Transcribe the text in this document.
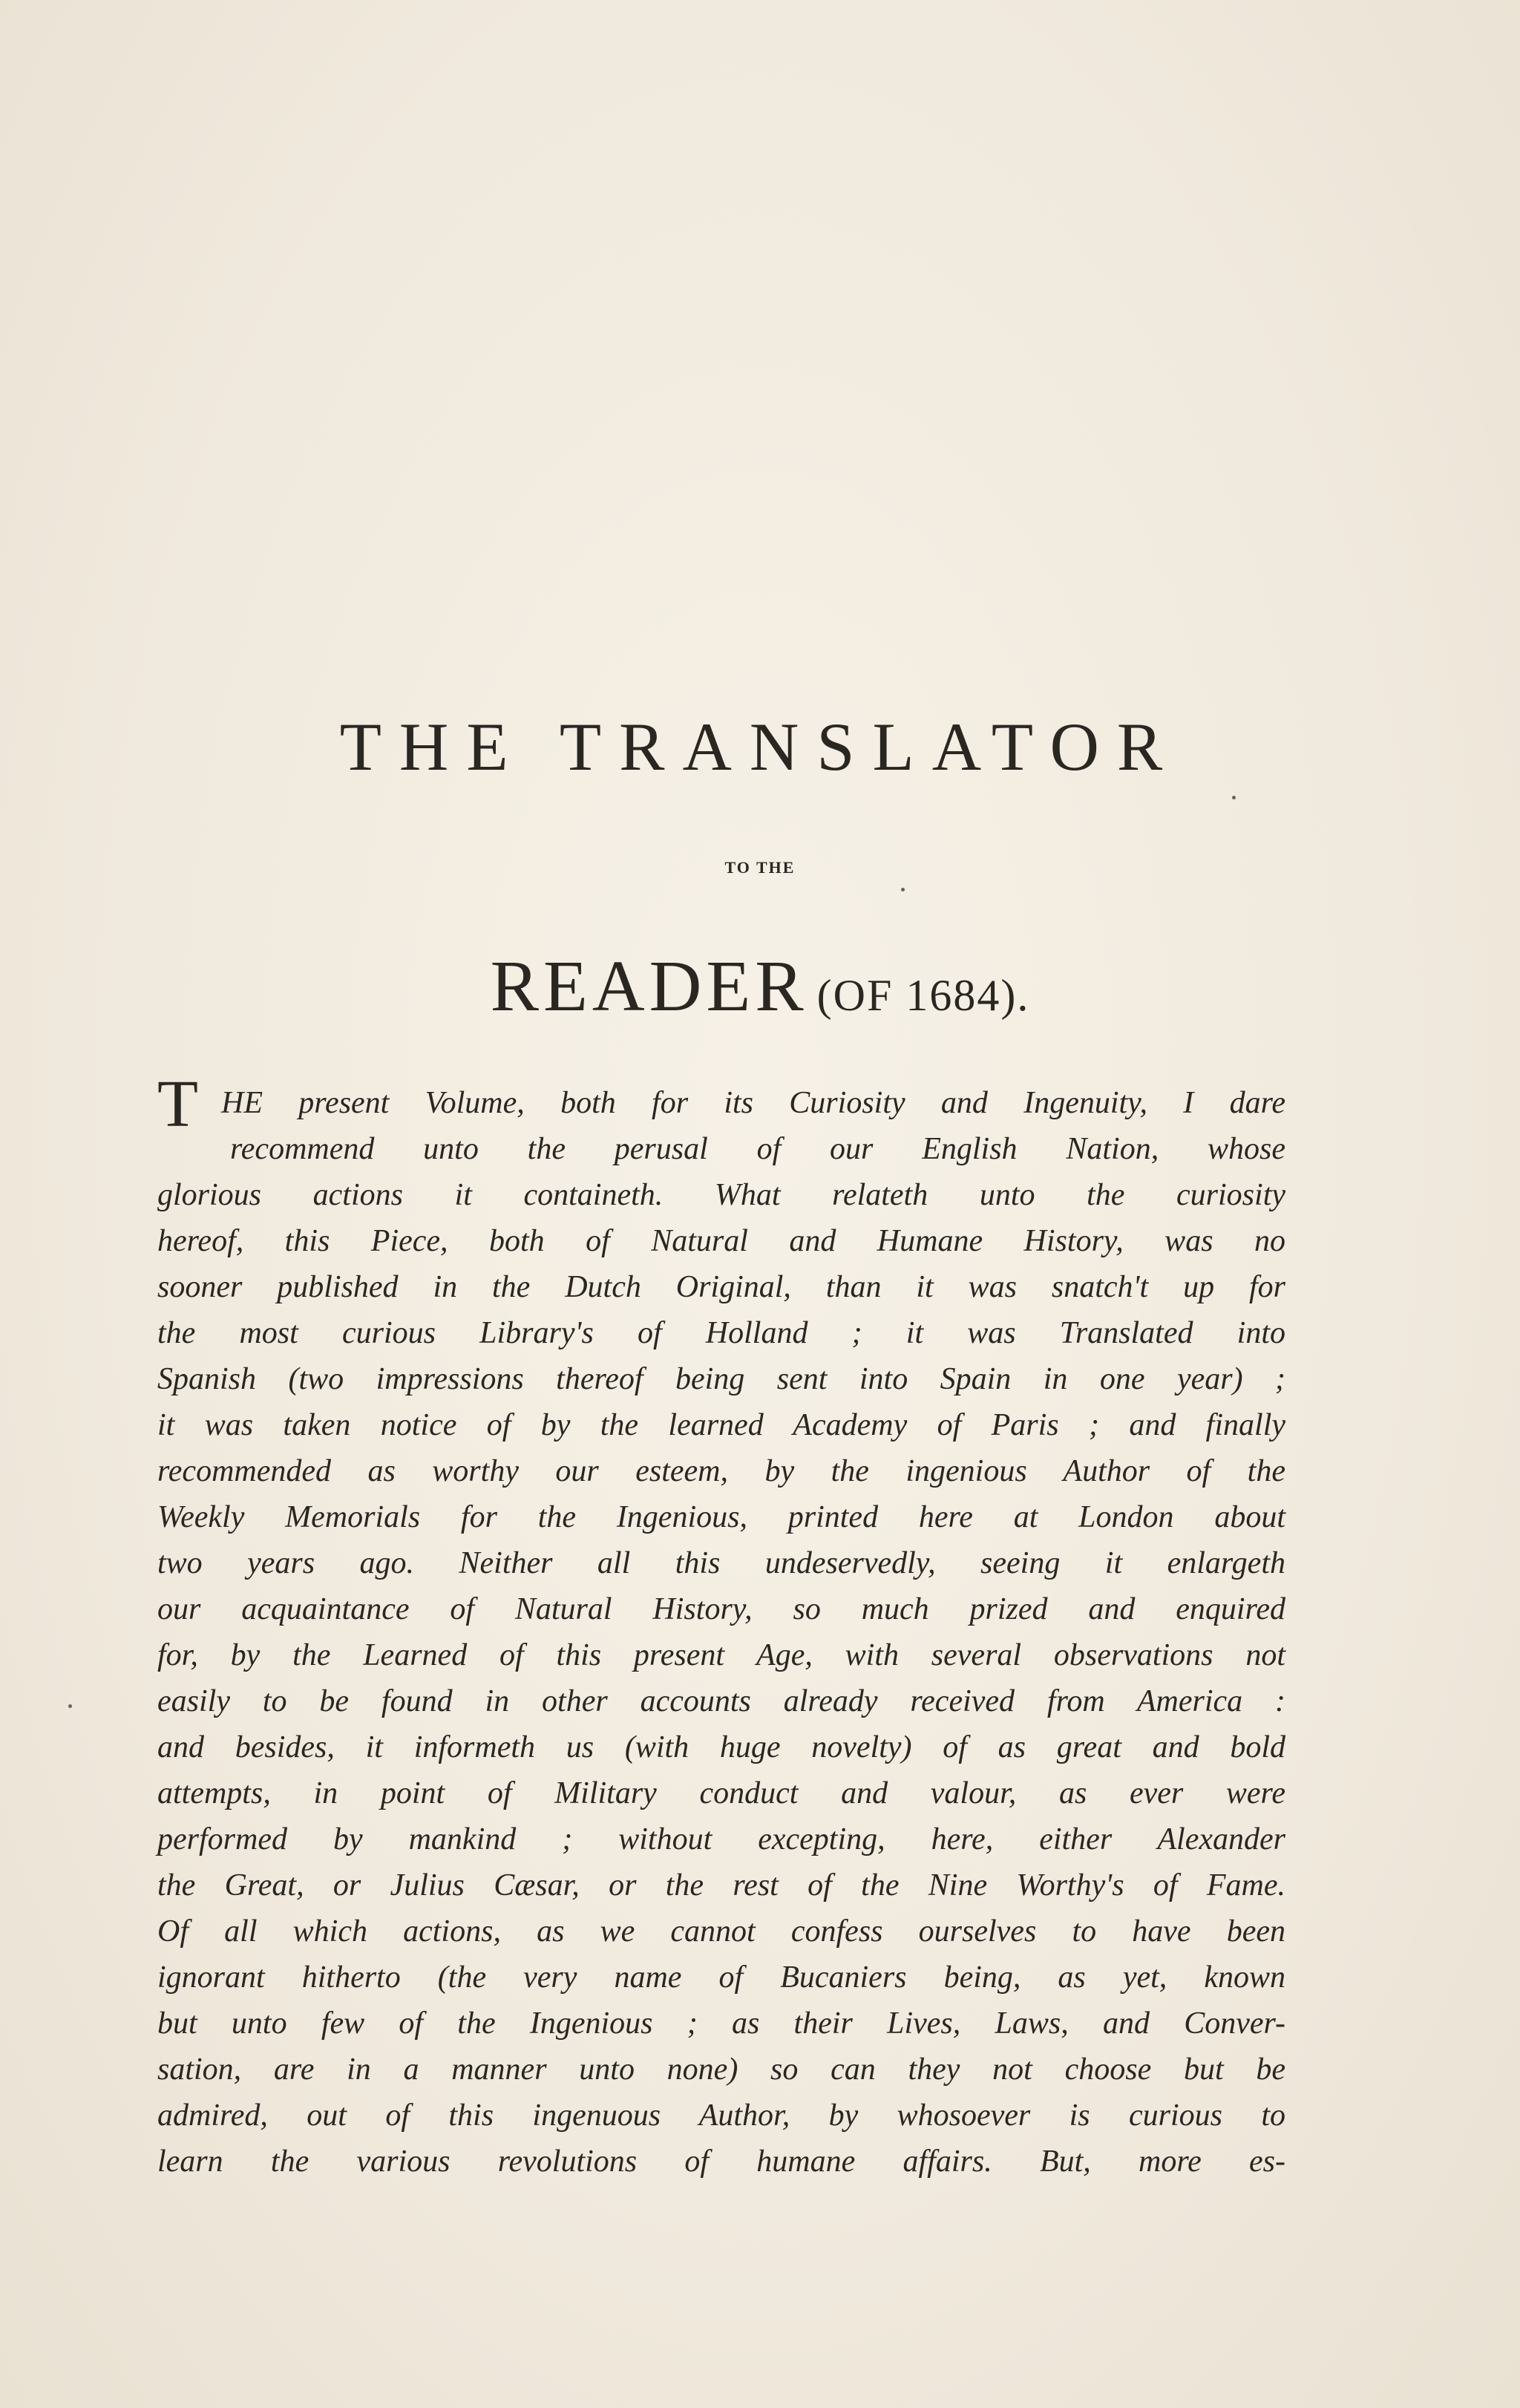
THE TRANSLATOR
TO THE
READER (OF 1684).
THE present Volume, both for its Curiosity and Ingenuity, I dare
recommend unto the perusal of our English Nation, whose
glorious actions it containeth. What relateth unto the curiosity
hereof, this Piece, both of Natural and Humane History, was no
sooner published in the Dutch Original, than it was snatch't up for
the most curious Library's of Holland ; it was Translated into
Spanish (two impressions thereof being sent into Spain in one year) ;
it was taken notice of by the learned Academy of Paris ; and finally
recommended as worthy our esteem, by the ingenious Author of the
Weekly Memorials for the Ingenious, printed here at London about
two years ago. Neither all this undeservedly, seeing it enlargeth
our acquaintance of Natural History, so much prized and enquired
for, by the Learned of this present Age, with several observations not
easily to be found in other accounts already received from America :
and besides, it informeth us (with huge novelty) of as great and bold
attempts, in point of Military conduct and valour, as ever were
performed by mankind ; without excepting, here, either Alexander
the Great, or Julius Cæsar, or the rest of the Nine Worthy's of Fame.
Of all which actions, as we cannot confess ourselves to have been
ignorant hitherto (the very name of Bucaniers being, as yet, known
but unto few of the Ingenious ; as their Lives, Laws, and Conver-
sation, are in a manner unto none) so can they not choose but be
admired, out of this ingenuous Author, by whosoever is curious to
learn the various revolutions of humane affairs. But, more es-
